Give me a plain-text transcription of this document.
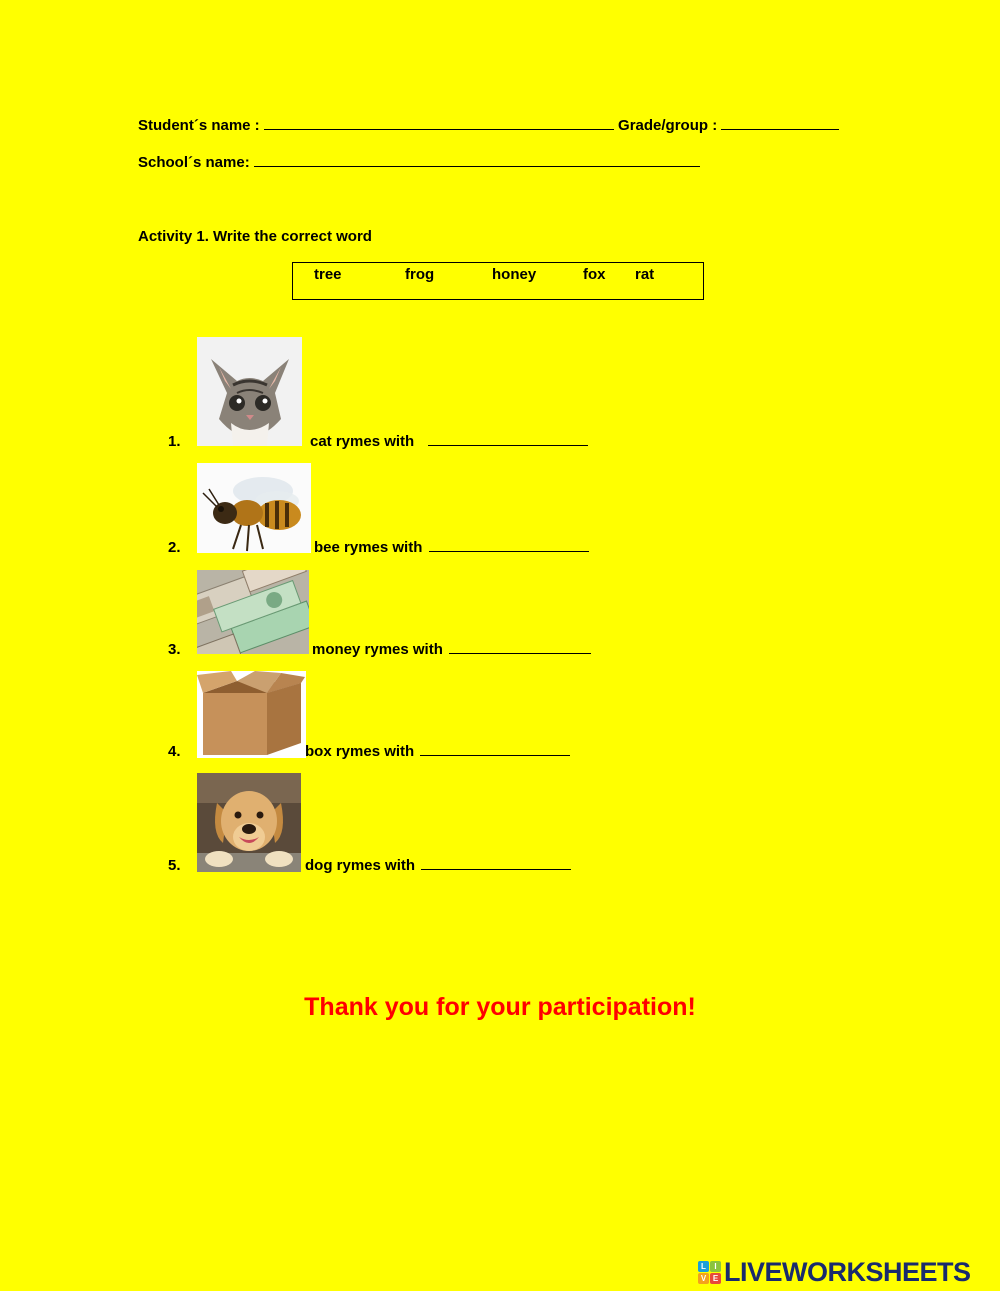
Student´s name :	Grade/group :
School´s name:
Activity 1. Write the correct word
tree	frog	honey	fox rat
1.	cat rymes with
2.	bee rymes with
3.	money rymes with
4.	box rymes with
5.	dog rymes with
Thank you for your participation!
L	I
V E LIVEWORKSHEETS
